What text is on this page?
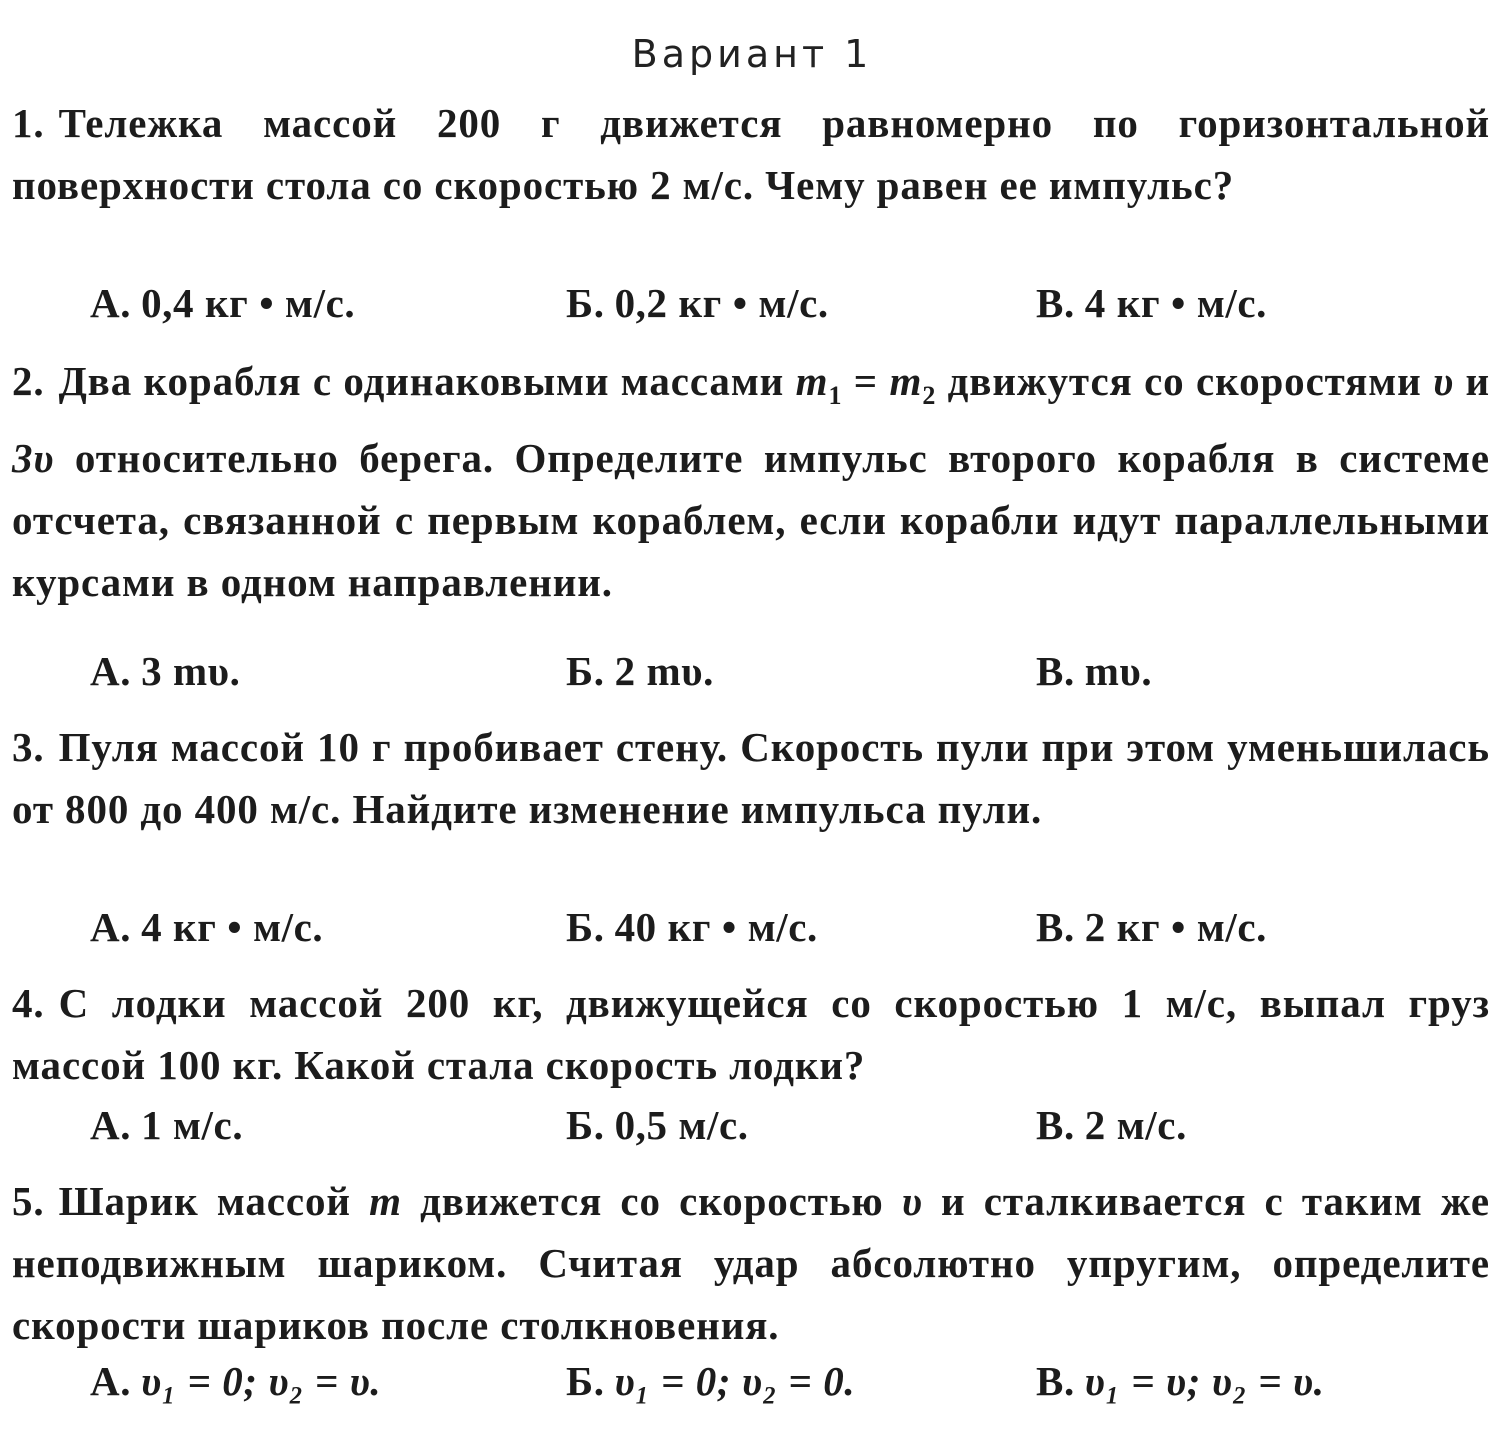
Вариант 1
1. Тележка массой 200 г движется равномерно по горизонтальной поверхности стола со скоростью 2 м/с. Чему равен ее импульс?
А. 0,4 кг • м/с.	Б. 0,2 кг • м/с.	В. 4 кг • м/с.
2. Два корабля с одинаковыми массами $m_1 = m_2$ движутся со скоростями υ и 3υ относительно берега. Определите импульс второго корабля в системе отсчета, связанной с первым кораблем, если корабли идут параллельными курсами в одном направлении.
А. 3 mυ.	Б. 2 mυ.	В. mυ.
3. Пуля массой 10 г пробивает стену. Скорость пули при этом уменьшилась от 800 до 400 м/с. Найдите изменение импульса пули.
А. 4 кг • м/с.	Б. 40 кг • м/с.	В. 2 кг • м/с.
4. С лодки массой 200 кг, движущейся со скоростью 1 м/с, выпал груз массой 100 кг. Какой стала скорость лодки?
А. 1 м/с.	Б. 0,5 м/с.	В. 2 м/с.
5. Шарик массой m движется со скоростью υ и сталкивается с таким же неподвижным шариком. Считая удар абсолютно упругим, определите скорости шариков после столкновения.
А. υ₁ = 0; υ₂ = υ.	Б. υ₁ = 0; υ₂ = 0.	В. υ₁ = υ; υ₂ = υ.
